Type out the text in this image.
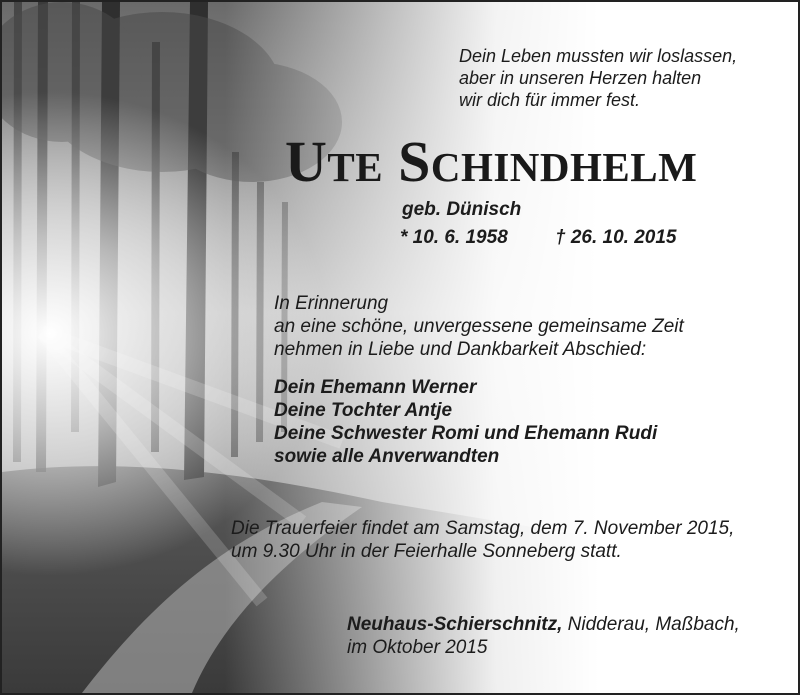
Dein Leben mussten wir loslassen,
aber in unseren Herzen halten
wir dich für immer fest.
Ute Schindhelm
geb. Dünisch
* 10. 6. 1958 † 26. 10. 2015
In Erinnerung
an eine schöne, unvergessene gemeinsame Zeit
nehmen in Liebe und Dankbarkeit Abschied:
Dein Ehemann Werner
Deine Tochter Antje
Deine Schwester Romi und Ehemann Rudi
sowie alle Anverwandten
Die Trauerfeier findet am Samstag, dem 7. November 2015,
um 9.30 Uhr in der Feierhalle Sonneberg statt.
Neuhaus-Schierschnitz, Nidderau, Maßbach,
im Oktober 2015
